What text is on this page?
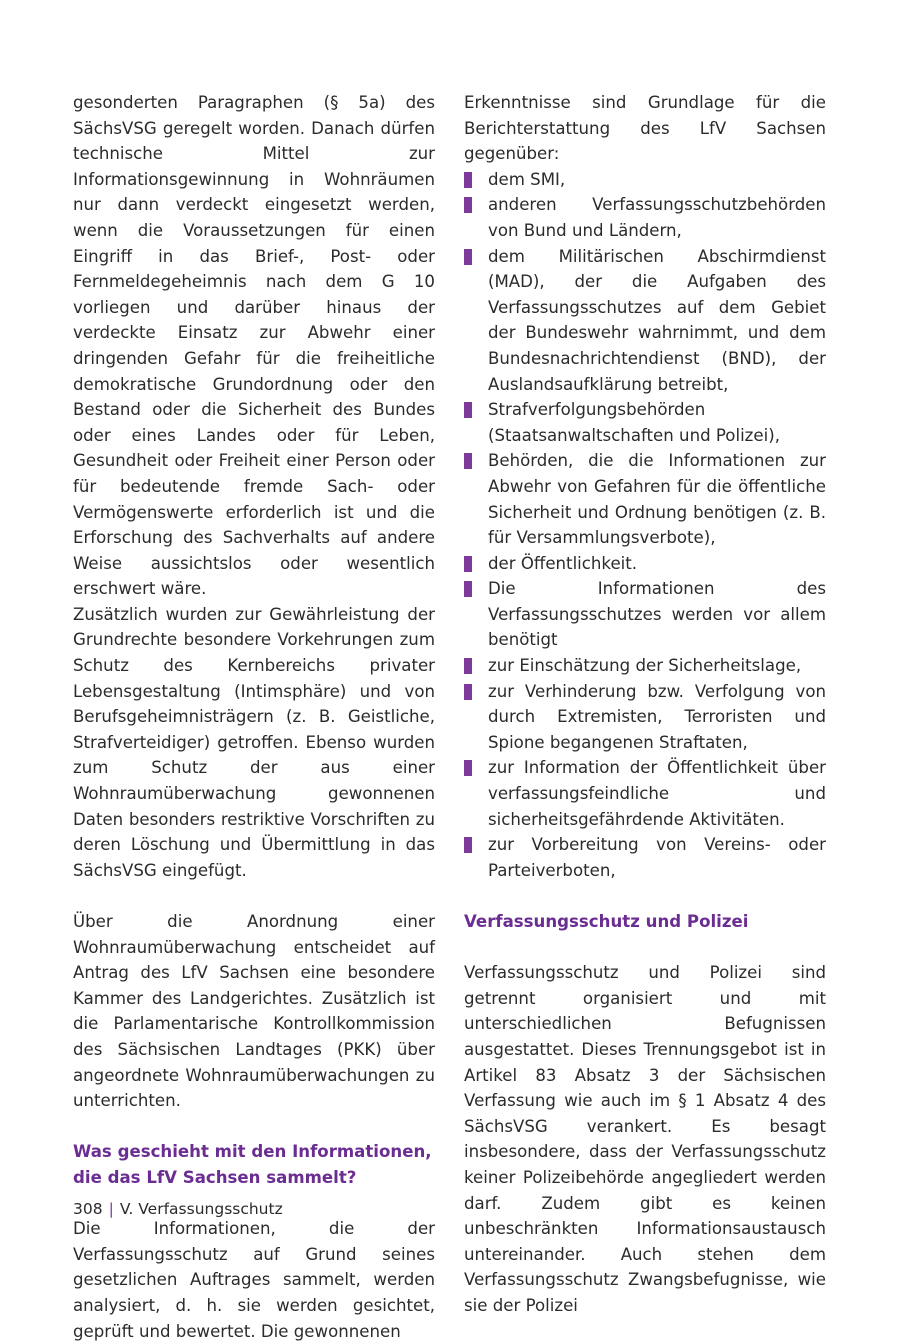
gesonderten Paragraphen (§ 5a) des SächsVSG geregelt worden. Danach dürfen technische Mittel zur Informationsgewinnung in Wohnräumen nur dann verdeckt eingesetzt werden, wenn die Voraussetzungen für einen Eingriff in das Brief-, Post- oder Fernmeldegeheimnis nach dem G 10 vorliegen und darüber hinaus der verdeckte Einsatz zur Abwehr einer dringenden Gefahr für die freiheitliche demokratische Grundordnung oder den Bestand oder die Sicherheit des Bundes oder eines Landes oder für Leben, Gesundheit oder Freiheit einer Person oder für bedeutende fremde Sach- oder Vermögenswerte erforderlich ist und die Erforschung des Sachverhalts auf andere Weise aussichtslos oder wesentlich erschwert wäre.

Zusätzlich wurden zur Gewährleistung der Grundrechte besondere Vorkehrungen zum Schutz des Kernbereichs privater Lebensgestaltung (Intimsphäre) und von Berufsgeheimnisträgern (z. B. Geistliche, Strafverteidiger) getroffen. Ebenso wurden zum Schutz der aus einer Wohnraumüberwachung gewonnenen Daten besonders restriktive Vorschriften zu deren Löschung und Übermittlung in das SächsVSG eingefügt.

Über die Anordnung einer Wohnraumüberwachung entscheidet auf Antrag des LfV Sachsen eine besondere Kammer des Landgerichtes. Zusätzlich ist die Parlamentarische Kontrollkommission des Sächsischen Landtages (PKK) über angeordnete Wohnraumüberwachungen zu unterrichten.

Was geschieht mit den Informationen, die das LfV Sachsen sammelt?

Die Informationen, die der Verfassungsschutz auf Grund seines gesetzlichen Auftrages sammelt, werden analysiert, d. h. sie werden gesichtet, geprüft und bewertet. Die gewonnenen

Erkenntnisse sind Grundlage für die Berichterstattung des LfV Sachsen gegenüber:

dem SMI,
anderen Verfassungsschutzbehörden von Bund und Ländern,
dem Militärischen Abschirmdienst (MAD), der die Aufgaben des Verfassungsschutzes auf dem Gebiet der Bundeswehr wahrnimmt, und dem Bundesnachrichtendienst (BND), der Auslandsaufklärung betreibt,
Strafverfolgungsbehörden (Staatsanwaltschaften und Polizei),
Behörden, die die Informationen zur Abwehr von Gefahren für die öffentliche Sicherheit und Ordnung benötigen (z. B. für Versammlungsverbote),
der Öffentlichkeit.
Die Informationen des Verfassungsschutzes werden vor allem benötigt
zur Einschätzung der Sicherheitslage,
zur Verhinderung bzw. Verfolgung von durch Extremisten, Terroristen und Spione begangenen Straftaten,
zur Information der Öffentlichkeit über verfassungsfeindliche und sicherheitsgefährdende Aktivitäten.
zur Vorbereitung von Vereins- oder Parteiverboten,
Verfassungsschutz und Polizei

Verfassungsschutz und Polizei sind getrennt organisiert und mit unterschiedlichen Befugnissen ausgestattet. Dieses Trennungsgebot ist in Artikel 83 Absatz 3 der Sächsischen Verfassung wie auch im § 1 Absatz 4 des SächsVSG verankert. Es besagt insbesondere, dass der Verfassungsschutz keiner Polizeibehörde angegliedert werden darf. Zudem gibt es keinen unbeschränkten Informationsaustausch untereinander. Auch stehen dem Verfassungsschutz Zwangsbefugnisse, wie sie der Polizei

308 | V. Verfassungsschutz
